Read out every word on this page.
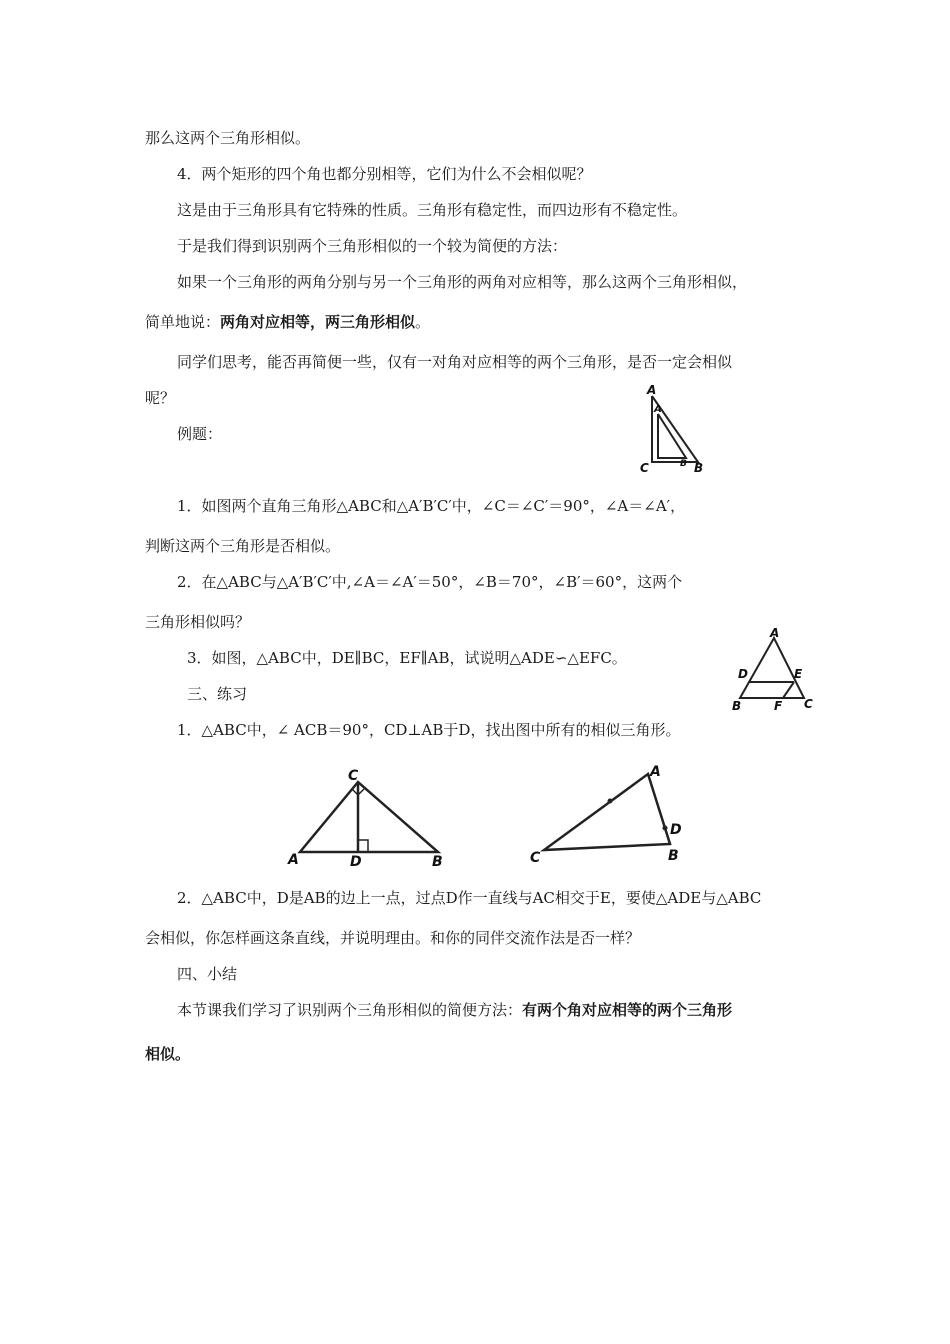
那么这两个三角形相似。
4．两个矩形的四个角也都分别相等，它们为什么不会相似呢？
这是由于三角形具有它特殊的性质。三角形有稳定性，而四边形有不稳定性。
于是我们得到识别两个三角形相似的一个较为简便的方法：
如果一个三角形的两角分别与另一个三角形的两角对应相等，那么这两个三角形相似，
简单地说：两角对应相等，两三角形相似。
同学们思考，能否再简便一些，仅有一对角对应相等的两个三角形，是否一定会相似
呢？
例题：
1．如图两个直角三角形△ABC和△A′B′C′中，∠C＝∠C′＝90°，∠A＝∠A′，
判断这两个三角形是否相似。
2．在△ABC与△A′B′C′中,∠A＝∠A′＝50°，∠B＝70°，∠B′＝60°，这两个
三角形相似吗？
3．如图，△ABC中，DE∥BC，EF∥AB，试说明△ADE∽△EFC。
三、练习
1．△ABC中，∠ ACB＝90°，CD⊥AB于D，找出图中所有的相似三角形。
2．△ABC中，D是AB的边上一点，过点D作一直线与AC相交于E，要使△ADE与△ABC
会相似，你怎样画这条直线，并说明理由。和你的同伴交流作法是否一样？
四、小结
本节课我们学习了识别两个三角形相似的简便方法：有两个角对应相等的两个三角形
相似。
A
A
C	B B
A
D	E
B	F C
C
A	D	B
A
D
C	B
